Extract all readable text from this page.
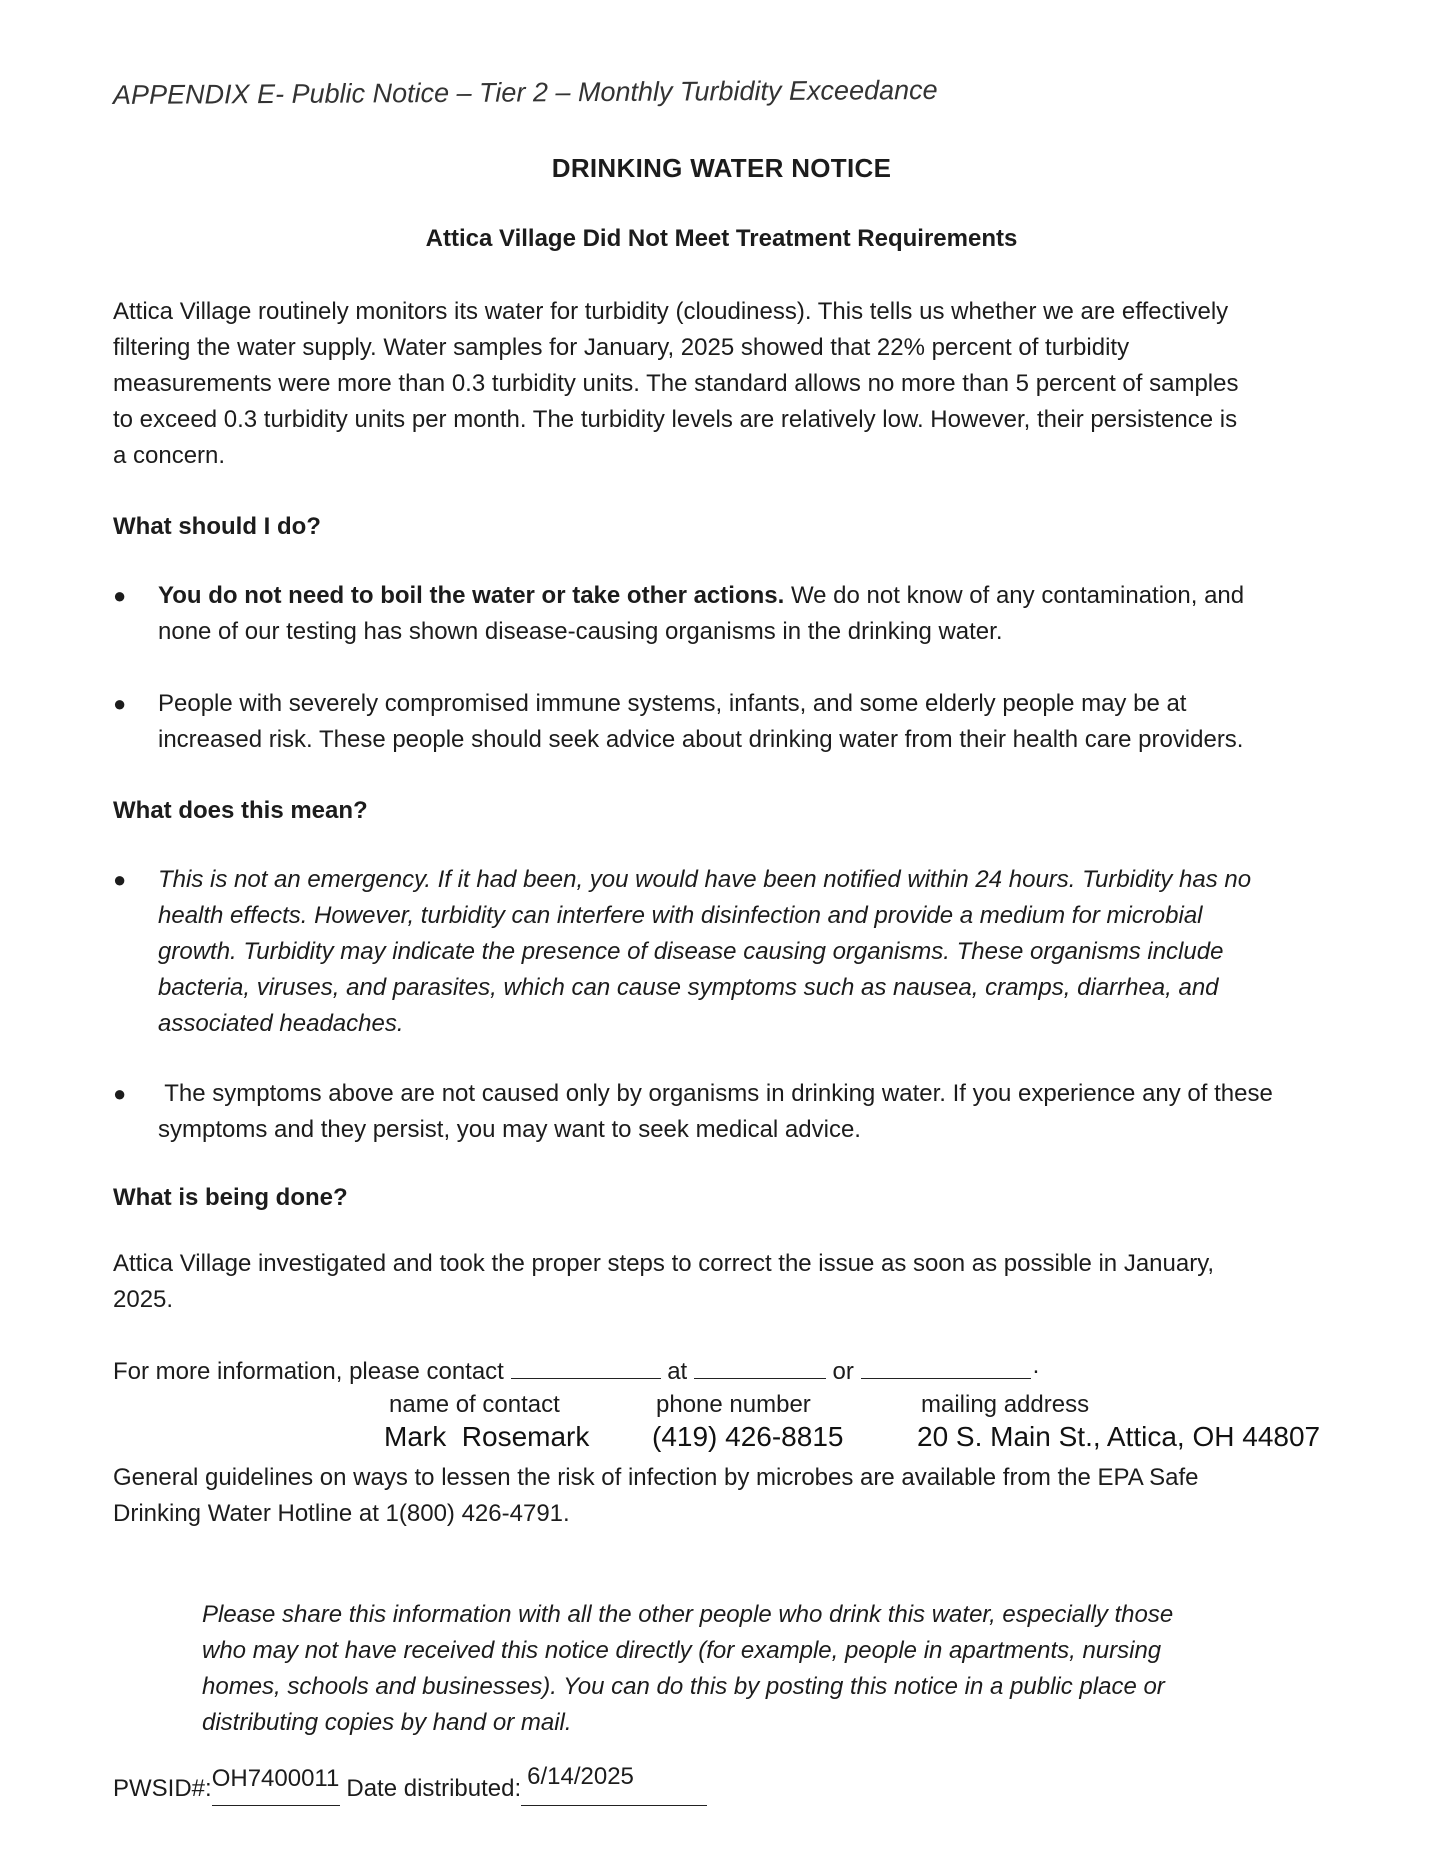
APPENDIX E- Public Notice – Tier 2 – Monthly Turbidity Exceedance
DRINKING WATER NOTICE
Attica Village Did Not Meet Treatment Requirements
Attica Village routinely monitors its water for turbidity (cloudiness). This tells us whether we are effectively
filtering the water supply. Water samples for January, 2025 showed that 22% percent of turbidity
measurements were more than 0.3 turbidity units. The standard allows no more than 5 percent of samples
to exceed 0.3 turbidity units per month. The turbidity levels are relatively low. However, their persistence is
a concern.
What should I do?
● You do not need to boil the water or take other actions. We do not know of any contamination, and
none of our testing has shown disease-causing organisms in the drinking water.
● People with severely compromised immune systems, infants, and some elderly people may be at
increased risk. These people should seek advice about drinking water from their health care providers.
What does this mean?
● This is not an emergency. If it had been, you would have been notified within 24 hours. Turbidity has no
health effects. However, turbidity can interfere with disinfection and provide a medium for microbial
growth. Turbidity may indicate the presence of disease causing organisms. These organisms include
bacteria, viruses, and parasites, which can cause symptoms such as nausea, cramps, diarrhea, and
associated headaches.
● The symptoms above are not caused only by organisms in drinking water. If you experience any of these
symptoms and they persist, you may want to seek medical advice.
What is being done?
Attica Village investigated and took the proper steps to correct the issue as soon as possible in January,
2025.
For more information, please contact	at	or	.
name of contact	phone number	mailing address
Mark  Rosemark (419) 426-8815	20 S. Main St., Attica, OH 44807
General guidelines on ways to lessen the risk of infection by microbes are available from the EPA Safe
Drinking Water Hotline at 1(800) 426-4791.
Please share this information with all the other people who drink this water, especially those
who may not have received this notice directly (for example, people in apartments, nursing
homes, schools and businesses). You can do this by posting this notice in a public place or
distributing copies by hand or mail.
PWSID#:OH7400011 Date distributed: 6/14/2025
